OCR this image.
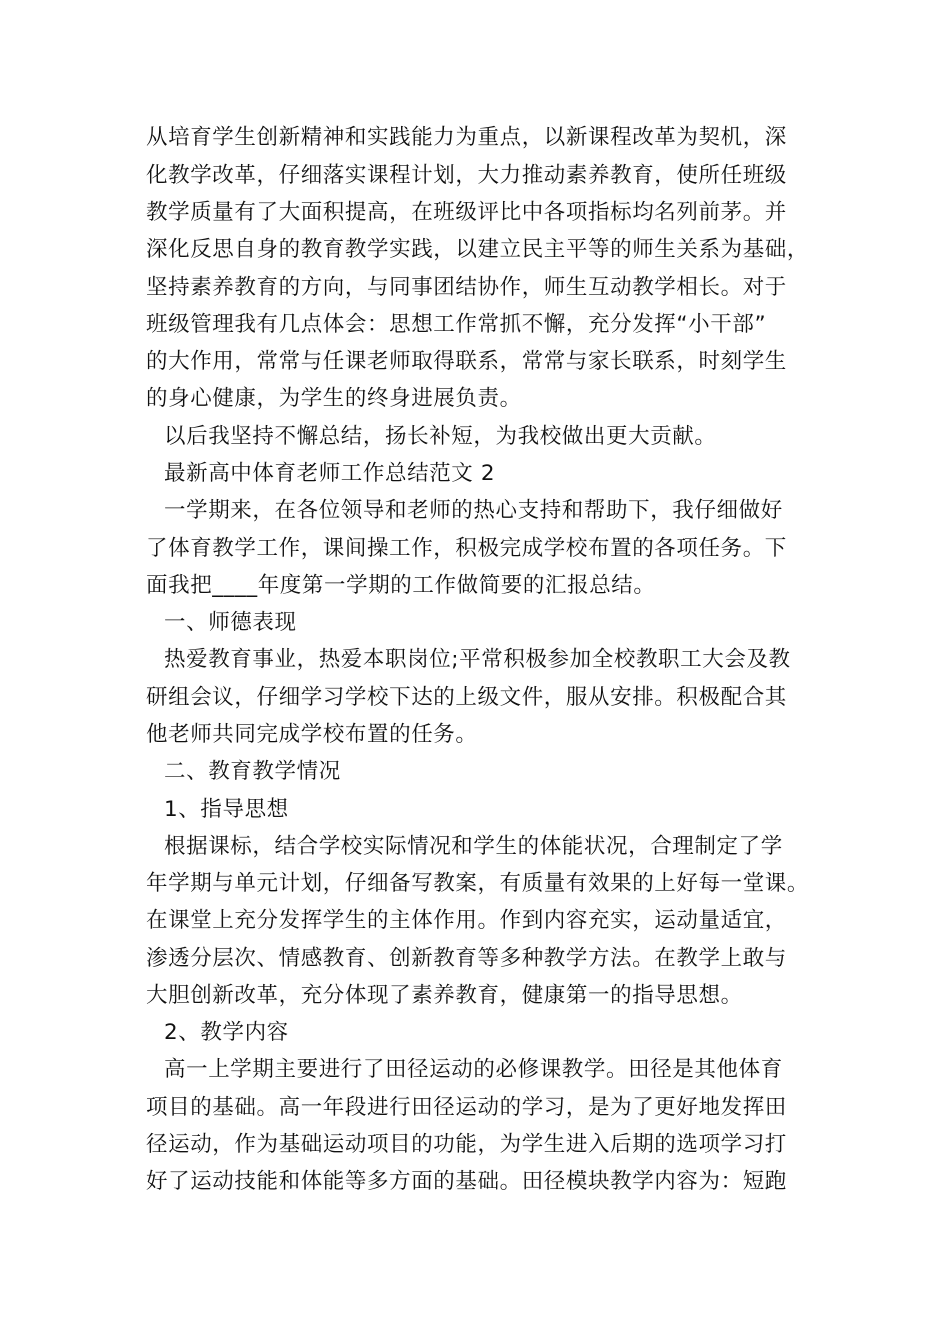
从培育学生创新精神和实践能力为重点，以新课程改革为契机，深
化教学改革，仔细落实课程计划，大力推动素养教育，使所任班级
教学质量有了大面积提高，在班级评比中各项指标均名列前茅。并
深化反思自身的教育教学实践，以建立民主平等的师生关系为基础，
坚持素养教育的方向，与同事团结协作，师生互动教学相长。对于
班级管理我有几点体会：思想工作常抓不懈，充分发挥“小干部”
的大作用，常常与任课老师取得联系，常常与家长联系，时刻学生
的身心健康，为学生的终身进展负责。
以后我坚持不懈总结，扬长补短，为我校做出更大贡献。
最新高中体育老师工作总结范文 2
一学期来，在各位领导和老师的热心支持和帮助下，我仔细做好
了体育教学工作，课间操工作，积极完成学校布置的各项任务。下
面我把____年度第一学期的工作做简要的汇报总结。
一、师德表现
热爱教育事业，热爱本职岗位;平常积极参加全校教职工大会及教
研组会议，仔细学习学校下达的上级文件，服从安排。积极配合其
他老师共同完成学校布置的任务。
二、教育教学情况
1、指导思想
根据课标，结合学校实际情况和学生的体能状况，合理制定了学
年学期与单元计划，仔细备写教案，有质量有效果的上好每一堂课。
在课堂上充分发挥学生的主体作用。作到内容充实，运动量适宜，
渗透分层次、情感教育、创新教育等多种教学方法。在教学上敢与
大胆创新改革，充分体现了素养教育，健康第一的指导思想。
2、教学内容
高一上学期主要进行了田径运动的必修课教学。田径是其他体育
项目的基础。高一年段进行田径运动的学习，是为了更好地发挥田
径运动，作为基础运动项目的功能，为学生进入后期的选项学习打
好了运动技能和体能等多方面的基础。田径模块教学内容为：短跑
